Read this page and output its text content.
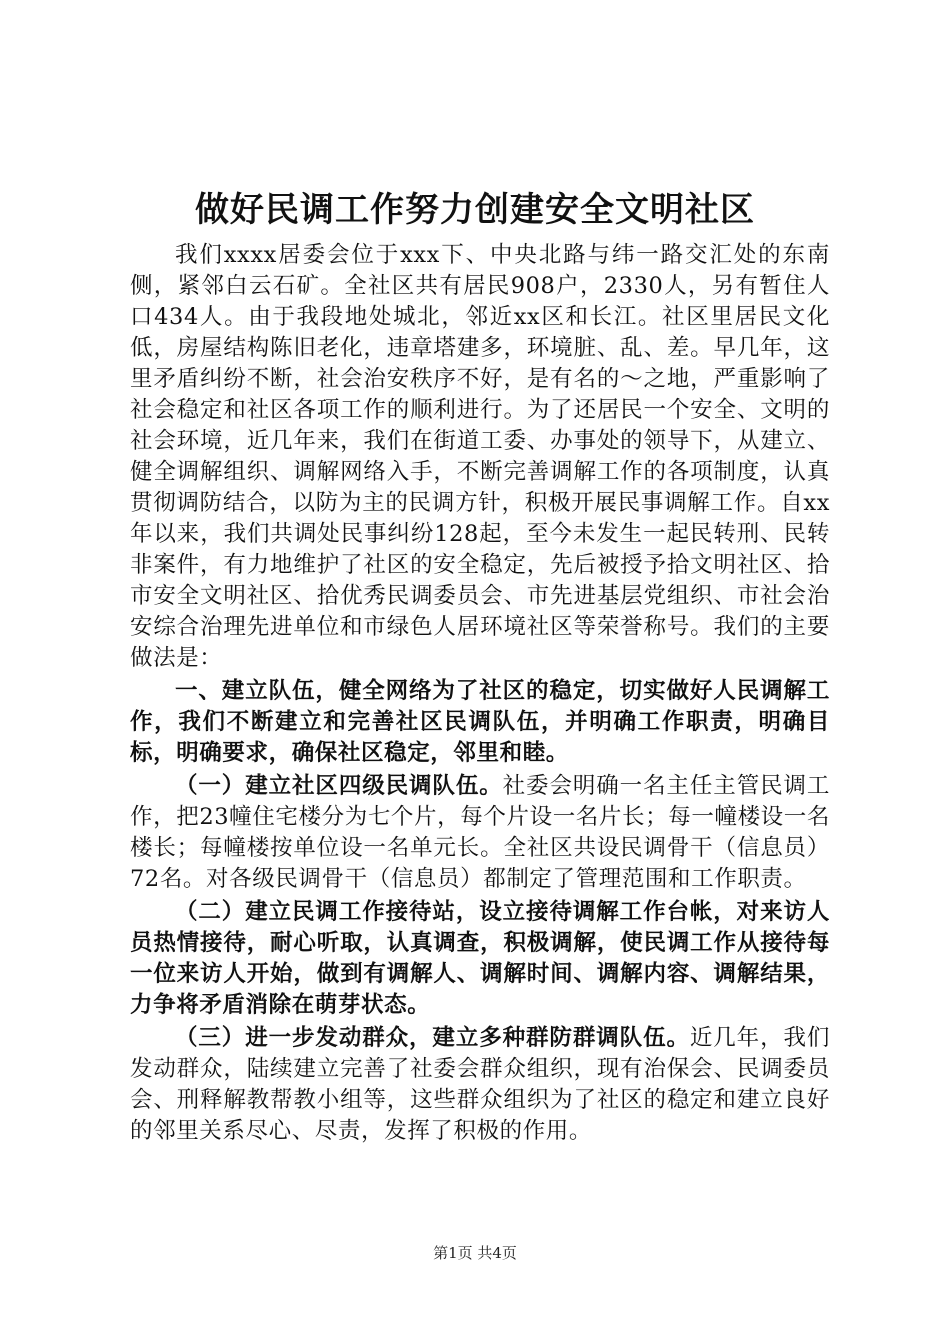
做好民调工作努力创建安全文明社区

我们xxxx居委会位于xxx下、中央北路与纬一路交汇处的东南侧，紧邻白云石矿。全社区共有居民908户，2330人，另有暂住人口434人。由于我段地处城北，邻近xx区和长江。社区里居民文化低，房屋结构陈旧老化，违章塔建多，环境脏、乱、差。早几年，这里矛盾纠纷不断，社会治安秩序不好，是有名的～之地，严重影响了社会稳定和社区各项工作的顺利进行。为了还居民一个安全、文明的社会环境，近几年来，我们在街道工委、办事处的领导下，从建立、健全调解组织、调解网络入手，不断完善调解工作的各项制度，认真贯彻调防结合，以防为主的民调方针，积极开展民事调解工作。自xx年以来，我们共调处民事纠纷128起，至今未发生一起民转刑、民转非案件，有力地维护了社区的安全稳定，先后被授予拾文明社区、拾市安全文明社区、拾优秀民调委员会、市先进基层党组织、市社会治安综合治理先进单位和市绿色人居环境社区等荣誉称号。我们的主要做法是：

一、建立队伍，健全网络为了社区的稳定，切实做好人民调解工作，我们不断建立和完善社区民调队伍，并明确工作职责，明确目标，明确要求，确保社区稳定，邻里和睦。

（一）建立社区四级民调队伍。社委会明确一名主任主管民调工作，把23幢住宅楼分为七个片，每个片设一名片长；每一幢楼设一名楼长；每幢楼按单位设一名单元长。全社区共设民调骨干（信息员）72名。对各级民调骨干（信息员）都制定了管理范围和工作职责。

（二）建立民调工作接待站，设立接待调解工作台帐，对来访人员热情接待，耐心听取，认真调查，积极调解，使民调工作从接待每一位来访人开始，做到有调解人、调解时间、调解内容、调解结果，力争将矛盾消除在萌芽状态。

（三）进一步发动群众，建立多种群防群调队伍。近几年，我们发动群众，陆续建立完善了社委会群众组织，现有治保会、民调委员会、刑释解教帮教小组等，这些群众组织为了社区的稳定和建立良好的邻里关系尽心、尽责，发挥了积极的作用。

第1页 共4页
